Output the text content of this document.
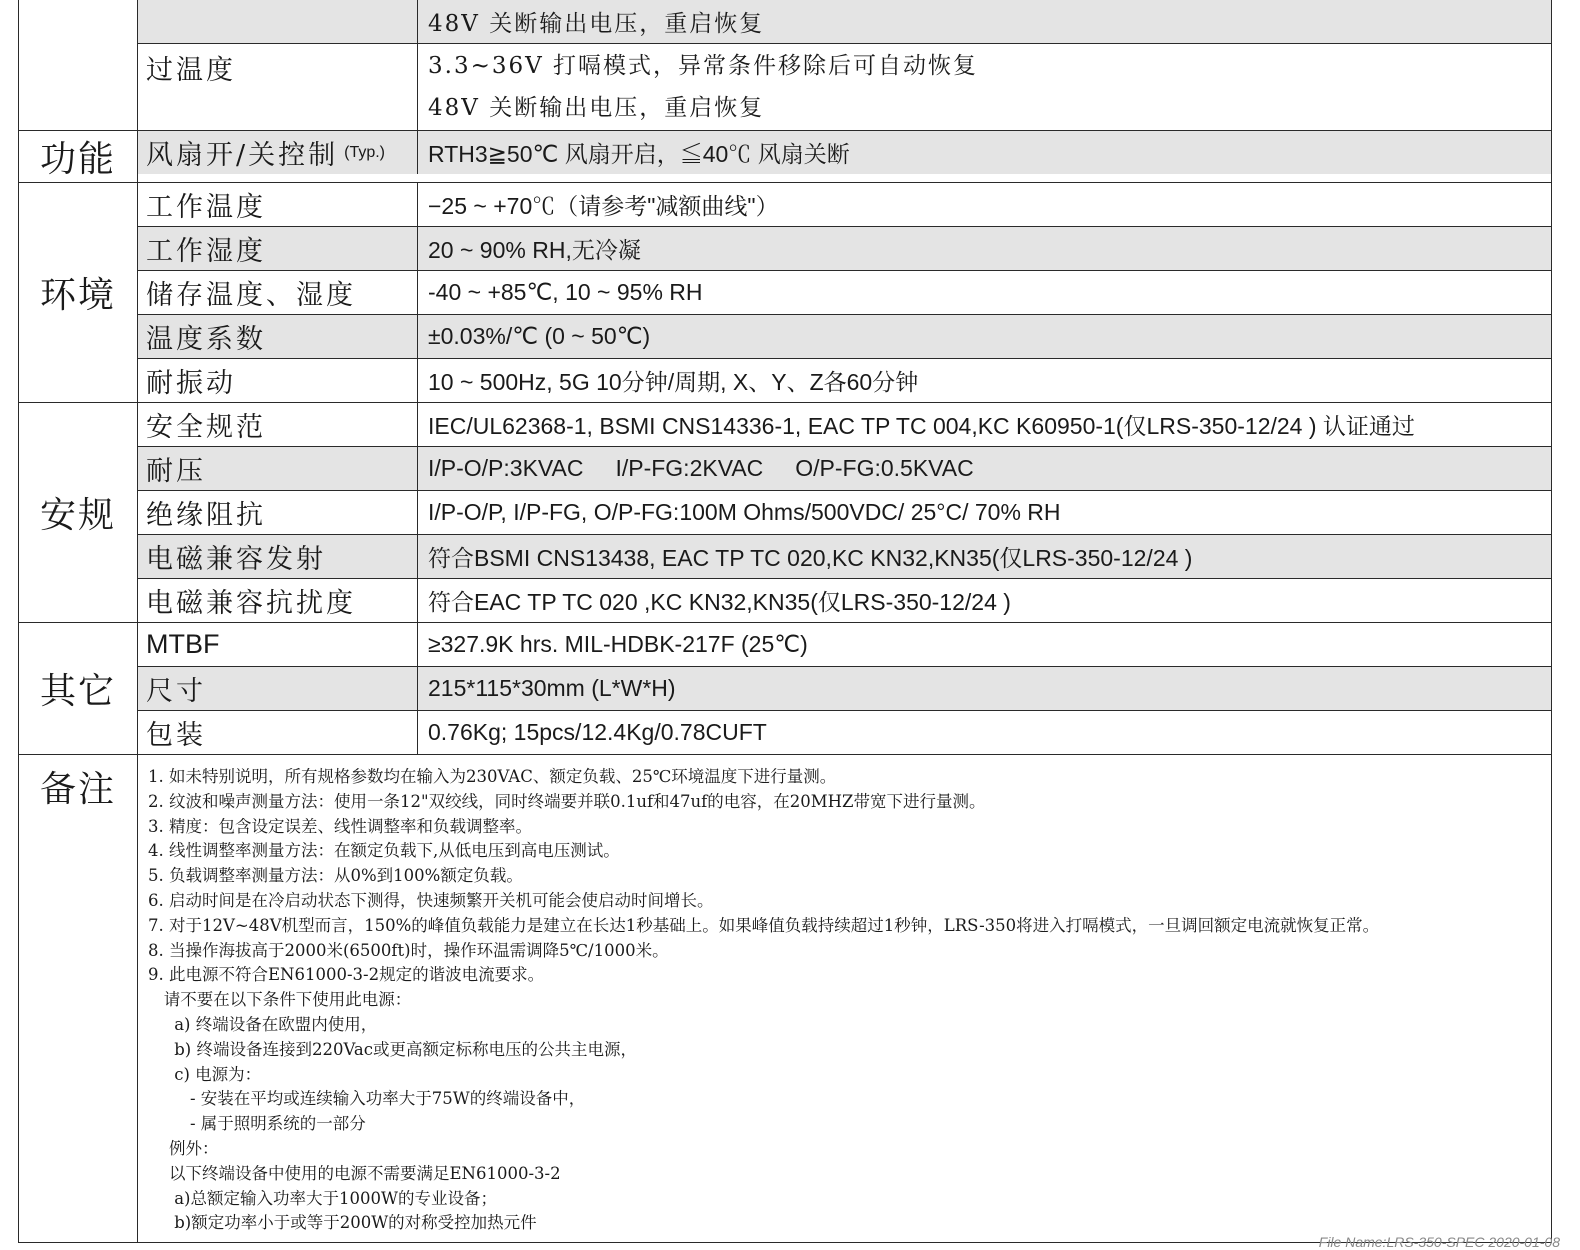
48V 关断输出电压，重启恢复
过温度	3.3~36V 打嗝模式，异常条件移除后可自动恢复
48V 关断输出电压，重启恢复
功能	风扇开/关控制 (Typ.)	RTH3≧50℃ 风扇开启，≦40℃ 风扇关断
环境
工作温度	−25 ~ +70℃（请参考"减额曲线"）
工作湿度	20 ~ 90% RH,无冷凝
储存温度、湿度	-40 ~ +85℃, 10 ~ 95% RH
温度系数	±0.03%/℃ (0 ~ 50℃)
耐振动	10 ~ 500Hz, 5G 10分钟/周期, X、Y、Z各60分钟
安规
安全规范	IEC/UL62368-1, BSMI CNS14336-1, EAC TP TC 004,KC K60950-1(仅LRS-350-12/24 ) 认证通过
耐压	I/P-O/P:3KVAC     I/P-FG:2KVAC     O/P-FG:0.5KVAC
绝缘阻抗	I/P-O/P, I/P-FG, O/P-FG:100M Ohms/500VDC/ 25°C/ 70% RH
电磁兼容发射	符合BSMI CNS13438, EAC TP TC 020,KC KN32,KN35(仅LRS-350-12/24 )
电磁兼容抗扰度	符合EAC TP TC 020 ,KC KN32,KN35(仅LRS-350-12/24 )
其它
MTBF	≥327.9K hrs. MIL-HDBK-217F (25℃)
尺寸	215*115*30mm (L*W*H)
包装	0.76Kg; 15pcs/12.4Kg/0.78CUFT
备注	1. 如未特别说明，所有规格参数均在输入为230VAC、额定负载、25℃环境温度下进行量测。
2. 纹波和噪声测量方法：使用一条12"双绞线，同时终端要并联0.1uf和47uf的电容，在20MHZ带宽下进行量测。
3. 精度：包含设定误差、线性调整率和负载调整率。
4. 线性调整率测量方法：在额定负载下,从低电压到高电压测试。
5. 负载调整率测量方法：从0%到100%额定负载。
6. 启动时间是在冷启动状态下测得，快速频繁开关机可能会使启动时间增长。
7. 对于12V~48V机型而言，150%的峰值负载能力是建立在长达1秒基础上。如果峰值负载持续超过1秒钟，LRS-350将进入打嗝模式，一旦调回额定电流就恢复正常。
8. 当操作海拔高于2000米(6500ft)时，操作环温需调降5℃/1000米。
9. 此电源不符合EN61000-3-2规定的谐波电流要求。
请不要在以下条件下使用此电源：
a) 终端设备在欧盟内使用，
b) 终端设备连接到220Vac或更高额定标称电压的公共主电源，
c) 电源为：
- 安装在平均或连续输入功率大于75W的终端设备中，
- 属于照明系统的一部分
例外：
以下终端设备中使用的电源不需要满足EN61000-3-2
a)总额定输入功率大于1000W的专业设备；
b)额定功率小于或等于200W的对称受控加热元件
File Name:LRS-350-SPEC 2020-01-08
